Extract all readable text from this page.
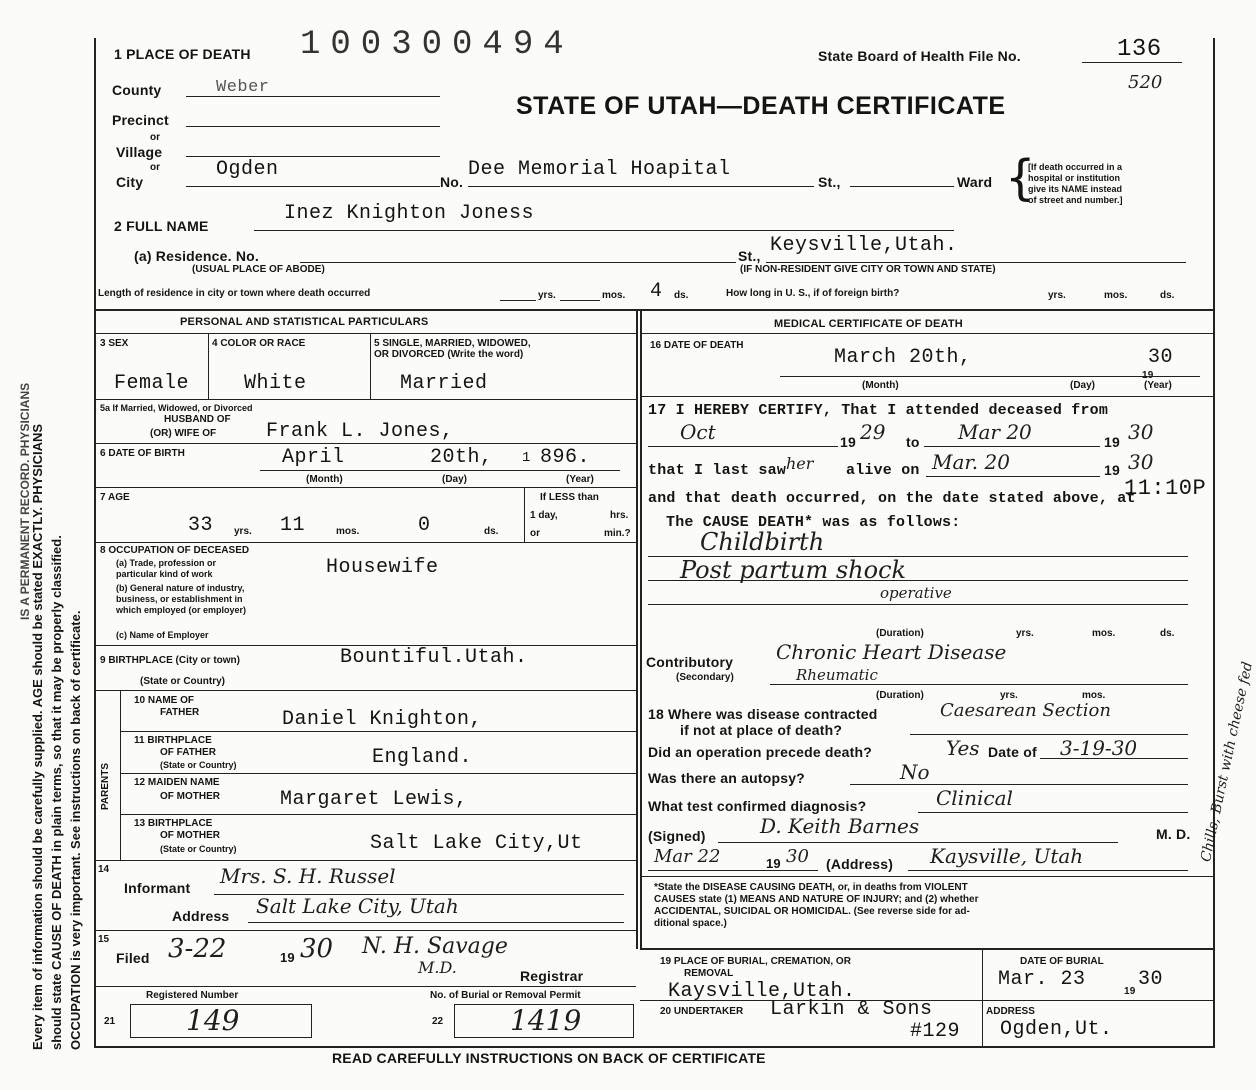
IS A PERMANENT RECORD. PHYSICIANS
Every item of information should be carefully supplied. AGE should be stated EXACTLY. PHYSICIANS should state CAUSE OF DEATH in plain terms, so that it may be properly classified. OCCUPATION is very important. See instructions on back of certificate.
1 PLACE OF DEATH 100300494	State Board of Health File No.	136
520
STATE OF UTAH—DEATH CERTIFICATE
County	Weber
Precinct
or
Village
or
City
Ogden
No.
Dee Memorial Hoapital
St.,	Ward {
[If death occurred in a
hospital or institution
give its NAME instead
of street and number.]
2 FULL NAME
Inez Knighton Joness
(a) Residence. No.	St., Keysville,Utah.
(USUAL PLACE OF ABODE)	(IF NON-RESIDENT GIVE CITY OR TOWN AND STATE)
Length of residence in city or town where death occurred	yrs.	mos. 4 ds.	How long in U. S., if of foreign birth?	yrs.	mos.	ds.
PERSONAL AND STATISTICAL PARTICULARS
3 SEX	4 COLOR OR RACE	5 SINGLE, MARRIED, WIDOWED,
OR DIVORCED (Write the word)
Female	White	Married
5a If Married, Widowed, or Divorced
HUSBAND OF
(OR) WIFE OF Frank L. Jones,
6 DATE OF BIRTH	April	20th, 1 896.
(Month)	(Day)	(Year)
7 AGE
33 yrs. 11	mos.	0	ds.
If LESS than
1 day,	hrs.
or	min.?
8 OCCUPATION OF DECEASED
(a) Trade, profession or
particular kind of work	Housewife
(b) General nature of industry,
business, or establishment in
which employed (or employer)
(c) Name of Employer
9 BIRTHPLACE (City or town)
(State or Country)
Bountiful.Utah.
PARENTS
10 NAME OF
FATHER	Daniel Knighton,
11 BIRTHPLACE
OF FATHER
(State or Country)	England.
12 MAIDEN NAME
OF MOTHER	Margaret Lewis,
13 BIRTHPLACE
OF MOTHER
(State or Country)	Salt Lake City,Ut
14
Informant Mrs. S. H. Russel
Address Salt Lake City, Utah
15
Filed 3-22	19 30 N. H. Savage
M.D.	Registrar
Registered Number	No. of Burial or Removal Permit
21	149	22 1419
MEDICAL CERTIFICATE OF DEATH
16 DATE OF DEATH
March 20th,
19
30
(Month)	(Day)	(Year)
17 I HEREBY CERTIFY, That I attended deceased from
Oct	19 29 to Mar 20	19 30
that I last saw her alive on Mar. 20	19 30
and that death occurred, on the date stated above, at
11:10P
The CAUSE DEATH* was as follows:
Childbirth
Post partum shock
operative
(Duration)	yrs.	mos.	ds.
Contributory
(Secondary)
Chronic Heart Disease
Rheumatic
(Duration)	yrs.	mos.
18 Where was disease contracted
if not at place of death?
Caesarean Section
Did an operation precede death?	Yes Date of 3-19-30
Was there an autopsy?	No
What test confirmed diagnosis?	Clinical
(Signed)	D. Keith Barnes	M. D.
Mar 22	19 30 (Address) Kaysville, Utah
*State the DISEASE CAUSING DEATH, or, in deaths from VIOLENT
CAUSES state (1) MEANS AND NATURE OF INJURY; and (2) whether
ACCIDENTAL, SUICIDAL OR HOMICIDAL. (See reverse side for ad-
ditional space.)
Chills; Burst with cheese fed
19 PLACE OF BURIAL, CREMATION, OR
REMOVAL
Kaysville,Utah.
DATE OF BURIAL
Mar. 23
19
30
20 UNDERTAKER Larkin & Sons
#129
ADDRESS
Ogden,Ut.
READ CAREFULLY INSTRUCTIONS ON BACK OF CERTIFICATE
